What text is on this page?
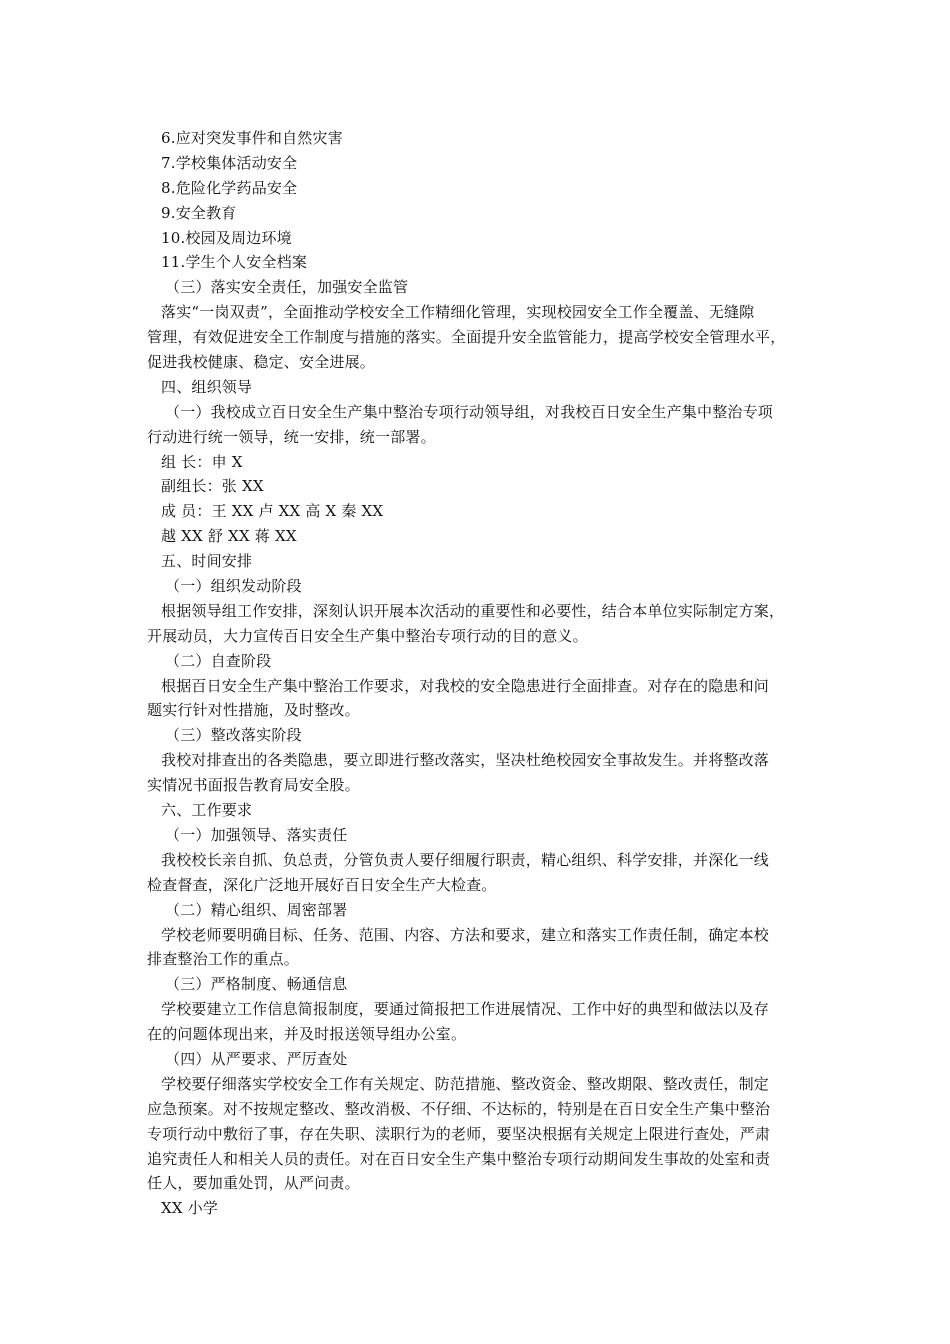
6.应对突发事件和自然灾害
7.学校集体活动安全
8.危险化学药品安全
9.安全教育
10.校园及周边环境
11.学生个人安全档案
（三）落实安全责任，加强安全监管
落实“一岗双责”，全面推动学校安全工作精细化管理，实现校园安全工作全覆盖、无缝隙
管理，有效促进安全工作制度与措施的落实。全面提升安全监管能力，提高学校安全管理水平，
促进我校健康、稳定、安全进展。
四、组织领导
（一）我校成立百日安全生产集中整治专项行动领导组，对我校百日安全生产集中整治专项
行动进行统一领导，统一安排，统一部署。
组 长：申 X
副组长：张 XX
成 员：王 XX 卢 XX 高 X 秦 XX
越 XX 舒 XX 蒋 XX
五、时间安排
（一）组织发动阶段
根据领导组工作安排，深刻认识开展本次活动的重要性和必要性，结合本单位实际制定方案，
开展动员，大力宣传百日安全生产集中整治专项行动的目的意义。
（二）自查阶段
根据百日安全生产集中整治工作要求，对我校的安全隐患进行全面排查。对存在的隐患和问
题实行针对性措施，及时整改。
（三）整改落实阶段
我校对排查出的各类隐患，要立即进行整改落实，坚决杜绝校园安全事故发生。并将整改落
实情况书面报告教育局安全股。
六、工作要求
（一）加强领导、落实责任
我校校长亲自抓、负总责，分管负责人要仔细履行职责，精心组织、科学安排，并深化一线
检查督查，深化广泛地开展好百日安全生产大检查。
（二）精心组织、周密部署
学校老师要明确目标、任务、范围、内容、方法和要求，建立和落实工作责任制，确定本校
排查整治工作的重点。
（三）严格制度、畅通信息
学校要建立工作信息简报制度，要通过简报把工作进展情况、工作中好的典型和做法以及存
在的问题体现出来，并及时报送领导组办公室。
（四）从严要求、严厉查处
学校要仔细落实学校安全工作有关规定、防范措施、整改资金、整改期限、整改责任，制定
应急预案。对不按规定整改、整改消极、不仔细、不达标的，特别是在百日安全生产集中整治
专项行动中敷衍了事，存在失职、渎职行为的老师，要坚决根据有关规定上限进行查处，严肃
追究责任人和相关人员的责任。对在百日安全生产集中整治专项行动期间发生事故的处室和责
任人，要加重处罚，从严问责。
XX 小学
